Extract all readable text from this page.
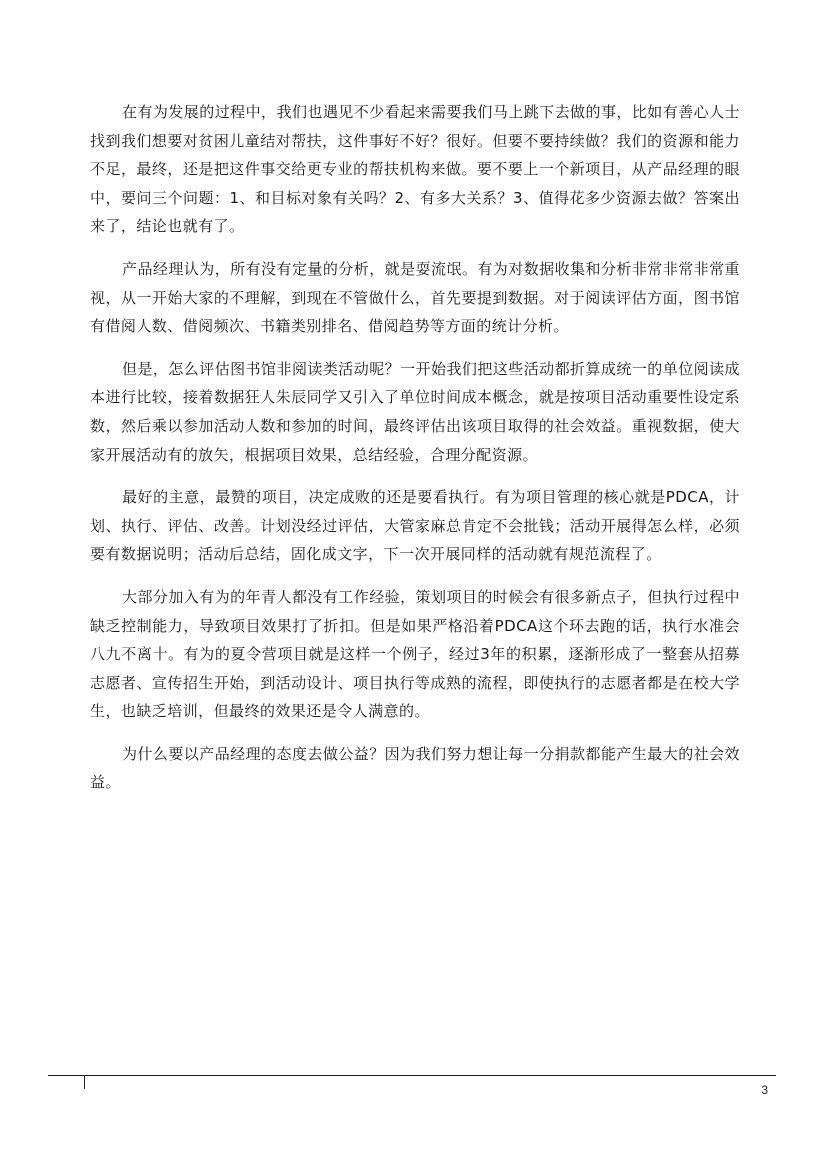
在有为发展的过程中，我们也遇见不少看起来需要我们马上跳下去做的事，比如有善心人士找到我们想要对贫困儿童结对帮扶，这件事好不好？很好。但要不要持续做？我们的资源和能力不足，最终，还是把这件事交给更专业的帮扶机构来做。要不要上一个新项目，从产品经理的眼中，要问三个问题：1、和目标对象有关吗？2、有多大关系？3、值得花多少资源去做？答案出来了，结论也就有了。

产品经理认为，所有没有定量的分析，就是耍流氓。有为对数据收集和分析非常非常非常重视，从一开始大家的不理解，到现在不管做什么，首先要提到数据。对于阅读评估方面，图书馆有借阅人数、借阅频次、书籍类别排名、借阅趋势等方面的统计分析。

但是，怎么评估图书馆非阅读类活动呢？一开始我们把这些活动都折算成统一的单位阅读成本进行比较，接着数据狂人朱辰同学又引入了单位时间成本概念，就是按项目活动重要性设定系数，然后乘以参加活动人数和参加的时间，最终评估出该项目取得的社会效益。重视数据，使大家开展活动有的放矢，根据项目效果，总结经验，合理分配资源。

最好的主意，最赞的项目，决定成败的还是要看执行。有为项目管理的核心就是PDCA，计划、执行、评估、改善。计划没经过评估，大管家麻总肯定不会批钱；活动开展得怎么样，必须要有数据说明；活动后总结，固化成文字，下一次开展同样的活动就有规范流程了。

大部分加入有为的年青人都没有工作经验，策划项目的时候会有很多新点子，但执行过程中缺乏控制能力，导致项目效果打了折扣。但是如果严格沿着PDCA这个环去跑的话，执行水准会八九不离十。有为的夏令营项目就是这样一个例子，经过3年的积累，逐渐形成了一整套从招募志愿者、宣传招生开始，到活动设计、项目执行等成熟的流程，即使执行的志愿者都是在校大学生，也缺乏培训，但最终的效果还是令人满意的。

为什么要以产品经理的态度去做公益？因为我们努力想让每一分捐款都能产生最大的社会效益。

3
